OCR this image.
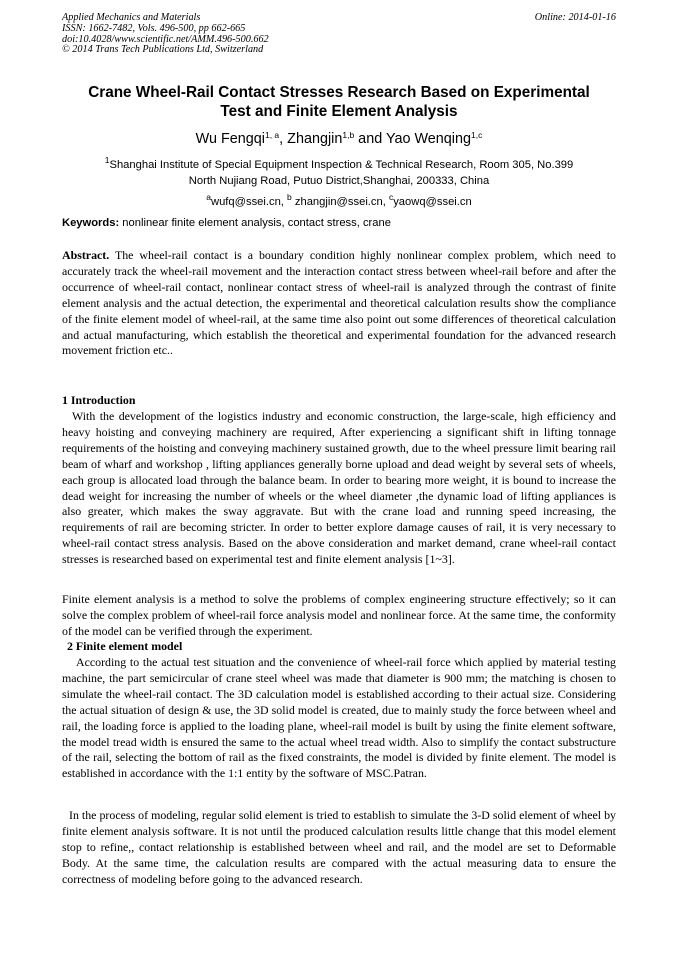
Applied Mechanics and Materials
ISSN: 1662-7482, Vols. 496-500, pp 662-665
doi:10.4028/www.scientific.net/AMM.496-500.662
© 2014 Trans Tech Publications Ltd, Switzerland
Online: 2014-01-16
Crane Wheel-Rail Contact Stresses Research Based on Experimental
Test and Finite Element Analysis
Wu Fengqi$^{1, a}$, Zhangjin$^{1,b}$ and Yao Wenqing$^{1,c}$
$^1$Shanghai Institute of Special Equipment Inspection & Technical Research, Room 305, No.399
North Nujiang Road, Putuo District,Shanghai, 200333, China
$^a$wufq@ssei.cn, $^b$ zhangjin@ssei.cn, $^c$yaowq@ssei.cn
Keywords: nonlinear finite element analysis, contact stress, crane
Abstract. The wheel-rail contact is a boundary condition highly nonlinear complex problem, which need to accurately track the wheel-rail movement and the interaction contact stress between wheel-rail before and after the occurrence of wheel-rail contact, nonlinear contact stress of wheel-rail is analyzed through the contrast of finite element analysis and the actual detection, the experimental and theoretical calculation results show the compliance of the finite element model of wheel-rail, at the same time also point out some differences of theoretical calculation and actual manufacturing, which establish the theoretical and experimental foundation for the advanced research movement friction etc..
1 Introduction
With the development of the logistics industry and economic construction, the large-scale, high efficiency and heavy hoisting and conveying machinery are required, After experiencing a significant shift in lifting tonnage requirements of the hoisting and conveying machinery sustained growth, due to the wheel pressure limit bearing rail beam of wharf and workshop , lifting appliances generally borne upload and dead weight by several sets of wheels, each group is allocated load through the balance beam. In order to bearing more weight, it is bound to increase the dead weight for increasing the number of wheels or the wheel diameter ,the dynamic load of lifting appliances is also greater, which makes the sway aggravate. But with the crane load and running speed increasing, the requirements of rail are becoming stricter. In order to better explore damage causes of rail, it is very necessary to wheel-rail contact stress analysis. Based on the above consideration and market demand, crane wheel-rail contact stresses is researched based on experimental test and finite element analysis [1~3].
Finite element analysis is a method to solve the problems of complex engineering structure effectively; so it can solve the complex problem of wheel-rail force analysis model and nonlinear force. At the same time, the conformity of the model can be verified through the experiment.
2 Finite element model
According to the actual test situation and the convenience of wheel-rail force which applied by material testing machine, the part semicircular of crane steel wheel was made that diameter is 900 mm; the matching is chosen to simulate the wheel-rail contact. The 3D calculation model is established according to their actual size. Considering the actual situation of design & use, the 3D solid model is created, due to mainly study the force between wheel and rail, the loading force is applied to the loading plane, wheel-rail model is built by using the finite element software, the model tread width is ensured the same to the actual wheel tread width. Also to simplify the contact substructure of the rail, selecting the bottom of rail as the fixed constraints, the model is divided by finite element. The model is established in accordance with the 1:1 entity by the software of MSC.Patran.
In the process of modeling, regular solid element is tried to establish to simulate the 3-D solid element of wheel by finite element analysis software. It is not until the produced calculation results little change that this model element stop to refine,, contact relationship is established between wheel and rail, and the model are set to Deformable Body. At the same time, the calculation results are compared with the actual measuring data to ensure the correctness of modeling before going to the advanced research.
